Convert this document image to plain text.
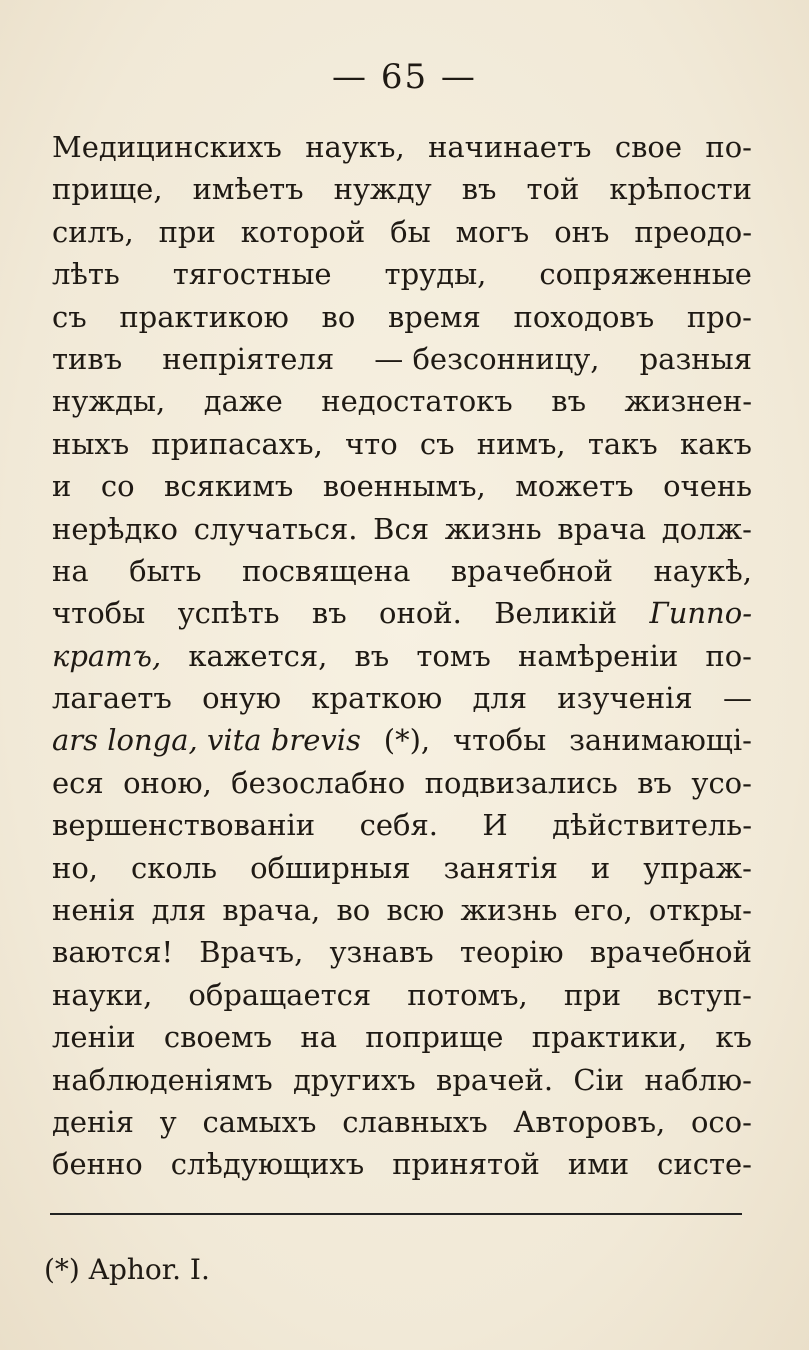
— 65 —
Медицинскихъ наукъ, начинаетъ свое по-
прище, имѣетъ нужду въ той крѣпости
силъ, при которой бы могъ онъ преодо-
лѣть тягостные труды, сопряженные
съ практикою во время походовъ про-
тивъ непріятеля — безсонницу, разныя
нужды, даже недостатокъ въ жизнен-
ныхъ припасахъ, что съ нимъ, такъ какъ
и со всякимъ военнымъ, можетъ очень
нерѣдко случаться. Вся жизнь врача долж-
на быть посвящена врачебной наукѣ,
чтобы успѣть въ оной. Великій Гиппо-
кратъ, кажется, въ томъ намѣреніи по-
лагаетъ оную краткою для изученія —
ars longa, vita brevis (*), чтобы занимающі-
еся оною, безослабно подвизались въ усо-
вершенствованіи себя. И дѣйствитель-
но, сколь обширныя занятія и упраж-
ненія для врача, во всю жизнь его, откры-
ваются! Врачъ, узнавъ теорію врачебной
науки, обращается потомъ, при вступ-
леніи своемъ на поприще практики, къ
наблюденіямъ другихъ врачей. Сіи наблю-
денія у самыхъ славныхъ Авторовъ, осо-
бенно слѣдующихъ принятой ими систе-
(*) Aphor. I.
